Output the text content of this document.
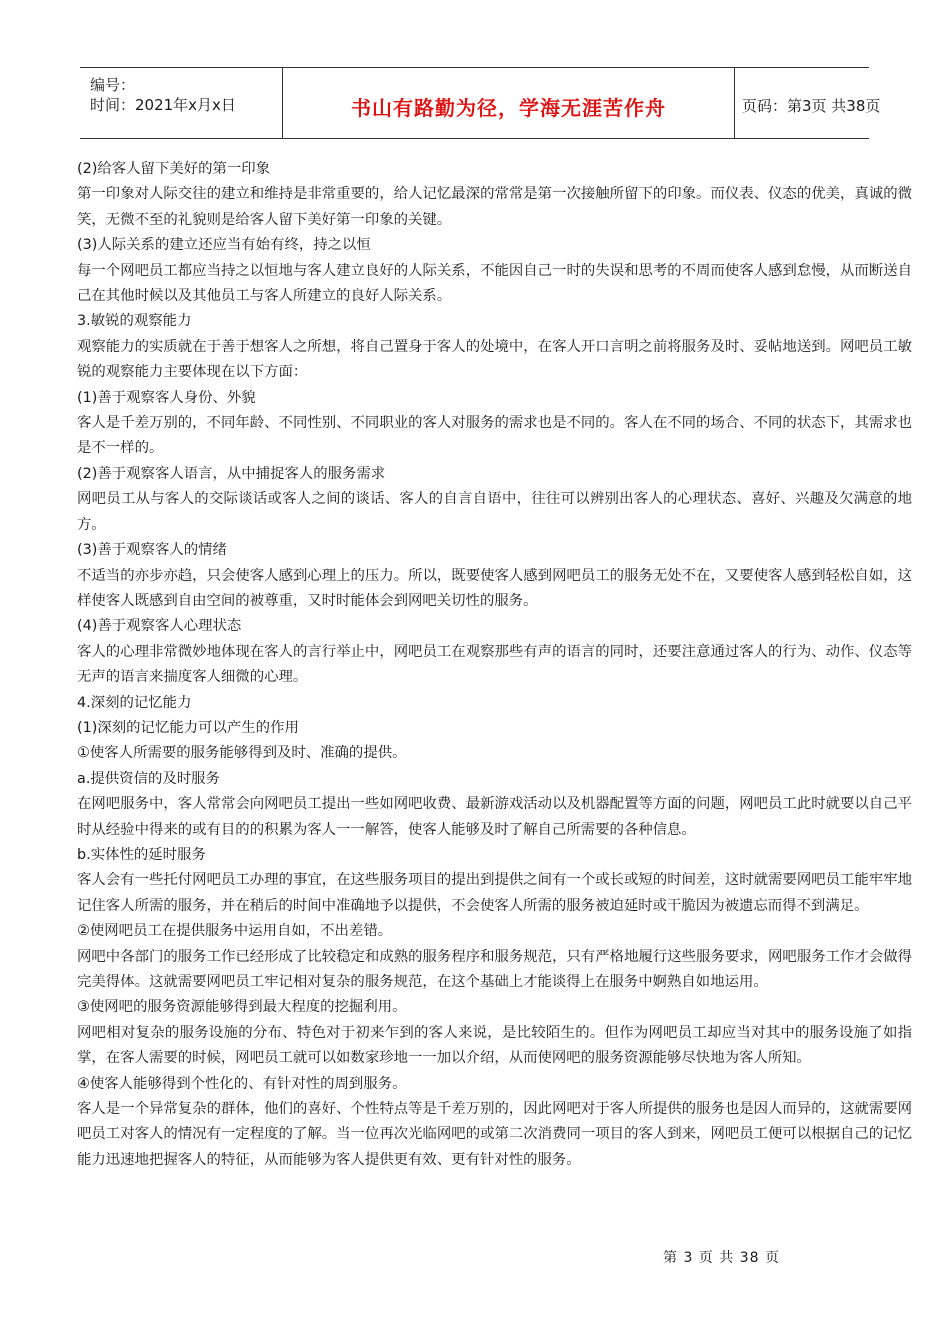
编号：
时间：2021年x月x日	书山有路勤为径，学海无涯苦作舟	页码：第3页 共38页

(2)给客人留下美好的第一印象

第一印象对人际交往的建立和维持是非常重要的，给人记忆最深的常常是第一次接触所留下的印象。而仪表、仪态的优美，真诚的微笑，无微不至的礼貌则是给客人留下美好第一印象的关键。

(3)人际关系的建立还应当有始有终，持之以恒

每一个网吧员工都应当持之以恒地与客人建立良好的人际关系，不能因自己一时的失误和思考的不周而使客人感到怠慢，从而断送自己在其他时候以及其他员工与客人所建立的良好人际关系。

3.敏锐的观察能力

观察能力的实质就在于善于想客人之所想，将自己置身于客人的处境中，在客人开口言明之前将服务及时、妥帖地送到。网吧员工敏锐的观察能力主要体现在以下方面：

(1)善于观察客人身份、外貌

客人是千差万别的，不同年龄、不同性别、不同职业的客人对服务的需求也是不同的。客人在不同的场合、不同的状态下，其需求也是不一样的。

(2)善于观察客人语言，从中捕捉客人的服务需求

网吧员工从与客人的交际谈话或客人之间的谈话、客人的自言自语中，往往可以辨别出客人的心理状态、喜好、兴趣及欠满意的地方。

(3)善于观察客人的情绪

不适当的亦步亦趋，只会使客人感到心理上的压力。所以，既要使客人感到网吧员工的服务无处不在，又要使客人感到轻松自如，这样使客人既感到自由空间的被尊重，又时时能体会到网吧关切性的服务。

(4)善于观察客人心理状态

客人的心理非常微妙地体现在客人的言行举止中，网吧员工在观察那些有声的语言的同时，还要注意通过客人的行为、动作、仪态等无声的语言来揣度客人细微的心理。

4.深刻的记忆能力

(1)深刻的记忆能力可以产生的作用

①使客人所需要的服务能够得到及时、准确的提供。

a.提供资信的及时服务

在网吧服务中，客人常常会向网吧员工提出一些如网吧收费、最新游戏活动以及机器配置等方面的问题，网吧员工此时就要以自己平时从经验中得来的或有目的的积累为客人一一解答，使客人能够及时了解自己所需要的各种信息。

b.实体性的延时服务

客人会有一些托付网吧员工办理的事宜，在这些服务项目的提出到提供之间有一个或长或短的时间差，这时就需要网吧员工能牢牢地记住客人所需的服务，并在稍后的时间中准确地予以提供，不会使客人所需的服务被迫延时或干脆因为被遗忘而得不到满足。

②使网吧员工在提供服务中运用自如，不出差错。

网吧中各部门的服务工作已经形成了比较稳定和成熟的服务程序和服务规范，只有严格地履行这些服务要求，网吧服务工作才会做得完美得体。这就需要网吧员工牢记相对复杂的服务规范，在这个基础上才能谈得上在服务中婀熟自如地运用。

③使网吧的服务资源能够得到最大程度的挖掘利用。

网吧相对复杂的服务设施的分布、特色对于初来乍到的客人来说，是比较陌生的。但作为网吧员工却应当对其中的服务设施了如指掌，在客人需要的时候，网吧员工就可以如数家珍地一一加以介绍，从而使网吧的服务资源能够尽快地为客人所知。

④使客人能够得到个性化的、有针对性的周到服务。

客人是一个异常复杂的群体，他们的喜好、个性特点等是千差万别的，因此网吧对于客人所提供的服务也是因人而异的，这就需要网吧员工对客人的情况有一定程度的了解。当一位再次光临网吧的或第二次消费同一项目的客人到来，网吧员工便可以根据自己的记忆能力迅速地把握客人的特征，从而能够为客人提供更有效、更有针对性的服务。

第 3 页 共 38 页
